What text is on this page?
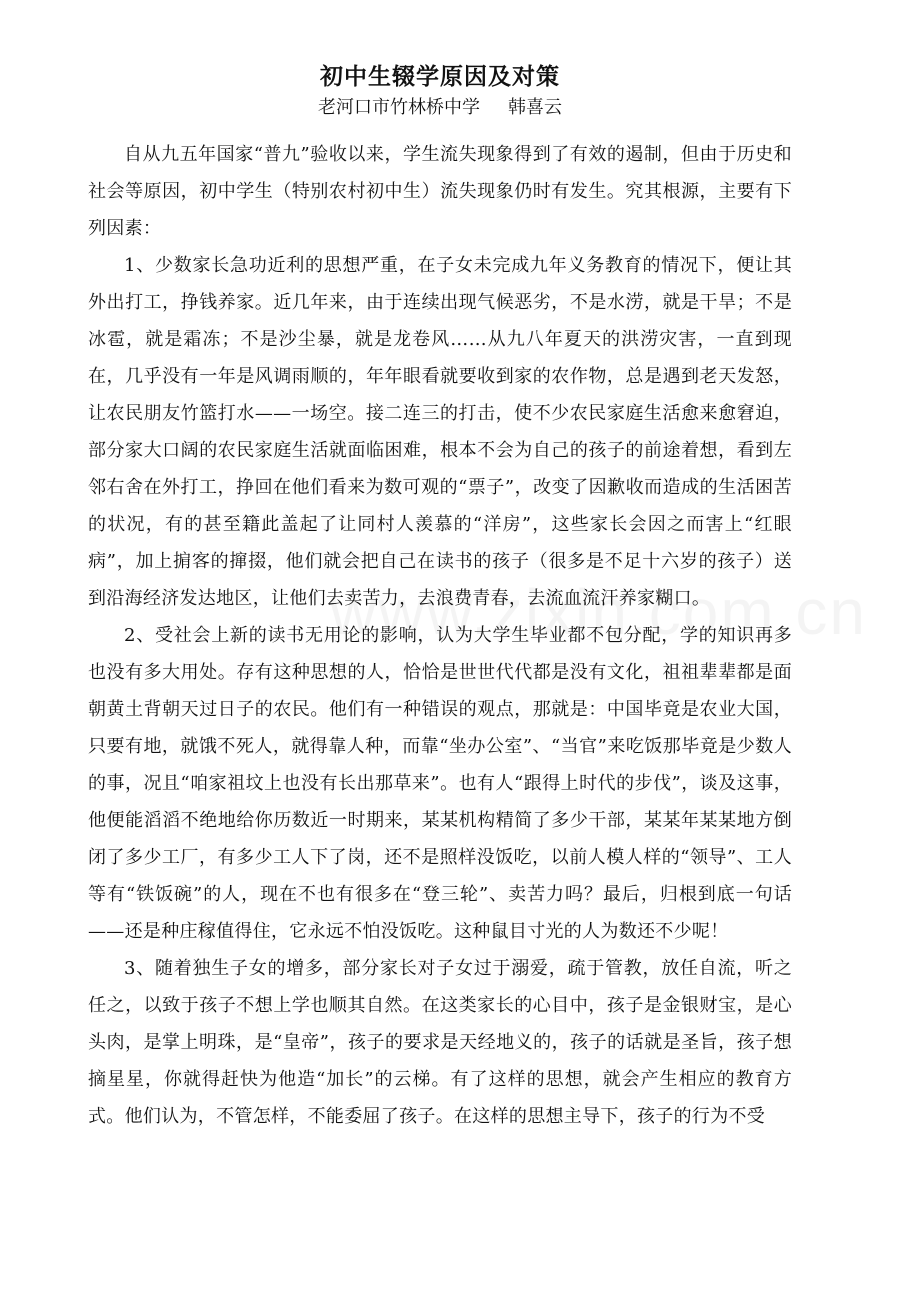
初中生辍学原因及对策

老河口市竹林桥中学 韩喜云

自从九五年国家“普九”验收以来，学生流失现象得到了有效的遏制，但由于历史和社会等原因，初中学生（特别农村初中生）流失现象仍时有发生。究其根源，主要有下列因素：

1、少数家长急功近利的思想严重，在子女未完成九年义务教育的情况下，便让其外出打工，挣钱养家。近几年来，由于连续出现气候恶劣，不是水涝，就是干旱；不是冰雹，就是霜冻；不是沙尘暴，就是龙卷风……从九八年夏天的洪涝灾害，一直到现在，几乎没有一年是风调雨顺的，年年眼看就要收到家的农作物，总是遇到老天发怒，让农民朋友竹篮打水——一场空。接二连三的打击，使不少农民家庭生活愈来愈窘迫，部分家大口阔的农民家庭生活就面临困难，根本不会为自己的孩子的前途着想，看到左邻右舍在外打工，挣回在他们看来为数可观的“票子”，改变了因歉收而造成的生活困苦的状况，有的甚至籍此盖起了让同村人羡慕的“洋房”，这些家长会因之而害上“红眼病”，加上掮客的撺掇，他们就会把自己在读书的孩子（很多是不足十六岁的孩子）送到沿海经济发达地区，让他们去卖苦力，去浪费青春，去流血流汗养家糊口。

2、受社会上新的读书无用论的影响，认为大学生毕业都不包分配，学的知识再多也没有多大用处。存有这种思想的人，恰恰是世世代代都是没有文化，祖祖辈辈都是面朝黄土背朝天过日子的农民。他们有一种错误的观点，那就是：中国毕竟是农业大国，只要有地，就饿不死人，就得靠人种，而靠“坐办公室”、“当官”来吃饭那毕竟是少数人的事，况且“咱家祖坟上也没有长出那草来”。也有人“跟得上时代的步伐”，谈及这事，他便能滔滔不绝地给你历数近一时期来，某某机构精简了多少干部，某某年某某地方倒闭了多少工厂，有多少工人下了岗，还不是照样没饭吃，以前人模人样的“领导”、工人等有“铁饭碗”的人，现在不也有很多在“登三轮”、卖苦力吗？最后，归根到底一句话——还是种庄稼值得住，它永远不怕没饭吃。这种鼠目寸光的人为数还不少呢！

3、随着独生子女的增多，部分家长对子女过于溺爱，疏于管教，放任自流，听之任之，以致于孩子不想上学也顺其自然。在这类家长的心目中，孩子是金银财宝，是心头肉，是掌上明珠，是“皇帝”，孩子的要求是天经地义的，孩子的话就是圣旨，孩子想摘星星，你就得赶快为他造“加长”的云梯。有了这样的思想，就会产生相应的教育方式。他们认为，不管怎样，不能委屈了孩子。在这样的思想主导下，孩子的行为不受
